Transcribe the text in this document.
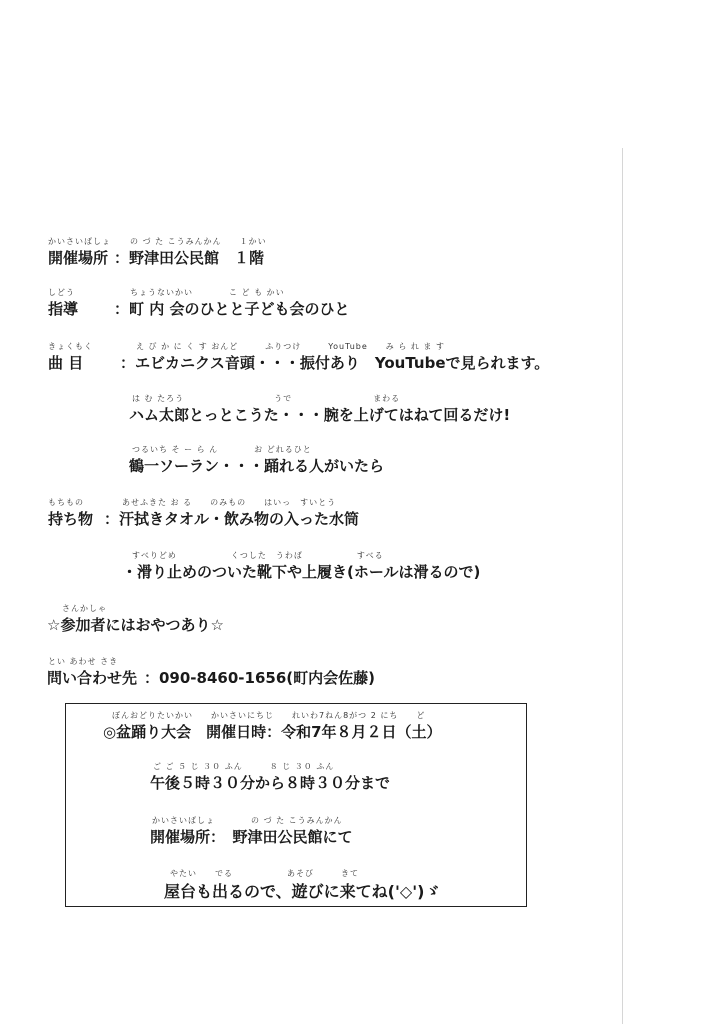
かいさいばしょ の づ た こうみんかん　　１かい
開催場所 ：野津田公民館　１階
しどう	ちょうないかい　　　　こ ど も かい
指導 ：町 内 会のひとと子ども会のひと
きょくもく	え び か に く す おんど　　　ふりつけ　　　YouTube　　み ら れ ま す
曲 目 ：エビカニクス音頭・・・振付あり　YouTubeで見られます。
は む たろう　　　　　　　　　　うで　　　　　　　　　まわる
ハム太郎とっとこうた・・・腕を上げてはねて回るだけ!
つるいち そ ー ら ん　　　　お どれるひと
鶴一ソーラン・・・踊れる人がいたら
もちもの	あせふきた お る　　のみもの　　はいっ　すいとう
持ち物 ：汗拭きタオル・飲み物の入った水筒
すべりどめ　　　　　　くつした　うわば　　　　　　すべる
・滑り止めのついた靴下や上履き(ホールは滑るので)
さんかしゃ
☆参加者にはおやつあり☆
とい あわせ さき
問い合わせ先 ：090-8460-1656(町内会佐藤)
ぼんおどりたいかい　　かいさいにちじ　　れいわ7ねん8がつ 2 にち　　ど
◎盆踊り大会　開催日時：令和7年８月２日（土）
ご ご ５ じ ３０ ふん　　　８ じ ３０ ふん
午後５時３０分から８時３０分まで
かいさいばしょ　　　　の づ た こうみんかん
開催場所：　野津田公民館にて
やたい　　でる　　　　　　あそび　　　きて
屋台も出るので、遊びに来てね('◇')ゞ
